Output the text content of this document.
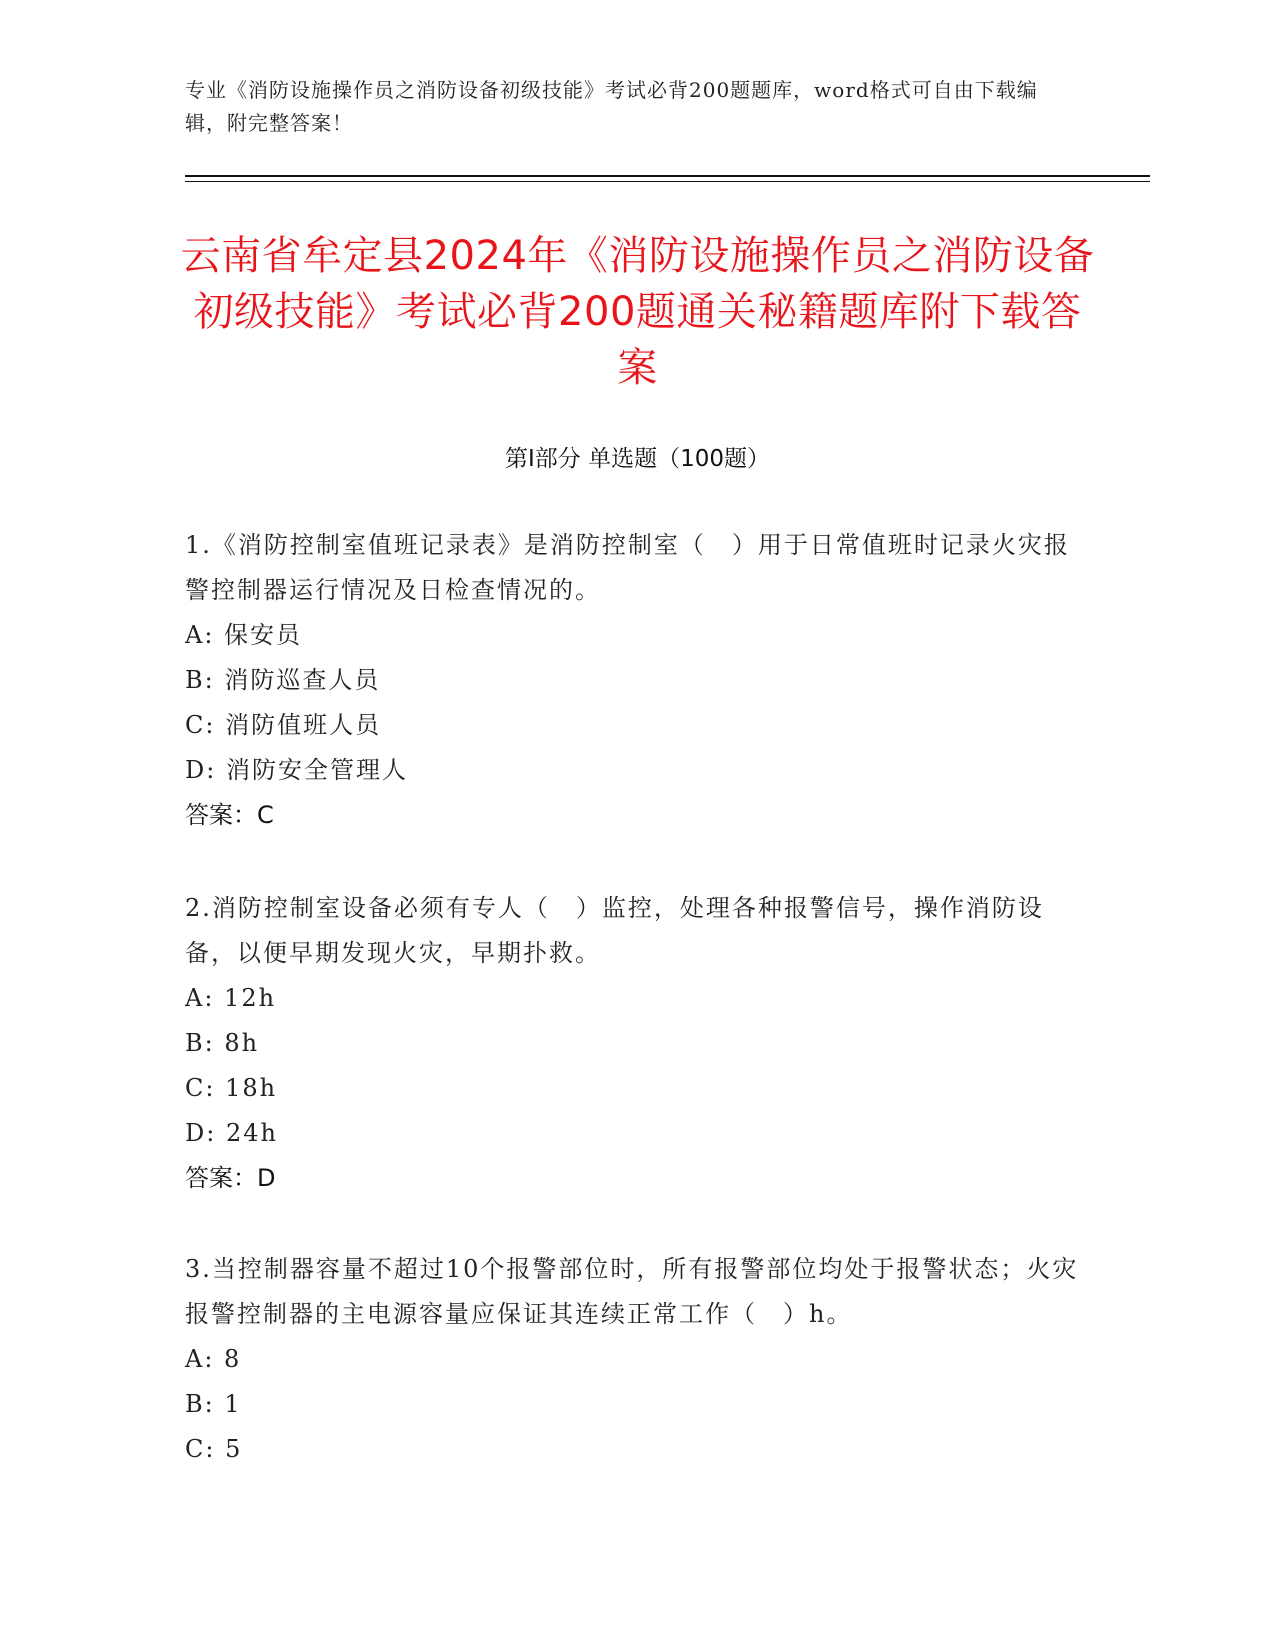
专业《消防设施操作员之消防设备初级技能》考试必背200题题库，word格式可自由下载编辑，附完整答案！
云南省牟定县2024年《消防设施操作员之消防设备初级技能》考试必背200题通关秘籍题库附下载答案
第Ⅰ部分 单选题（100题）
1.《消防控制室值班记录表》是消防控制室（　）用于日常值班时记录火灾报警控制器运行情况及日检查情况的。
A: 保安员
B: 消防巡查人员
C: 消防值班人员
D: 消防安全管理人
答案：C
2.消防控制室设备必须有专人（　）监控，处理各种报警信号，操作消防设备，以便早期发现火灾，早期扑救。
A: 12h
B: 8h
C: 18h
D: 24h
答案：D
3.当控制器容量不超过10个报警部位时，所有报警部位均处于报警状态；火灾报警控制器的主电源容量应保证其连续正常工作（　）h。
A: 8
B: 1
C: 5
